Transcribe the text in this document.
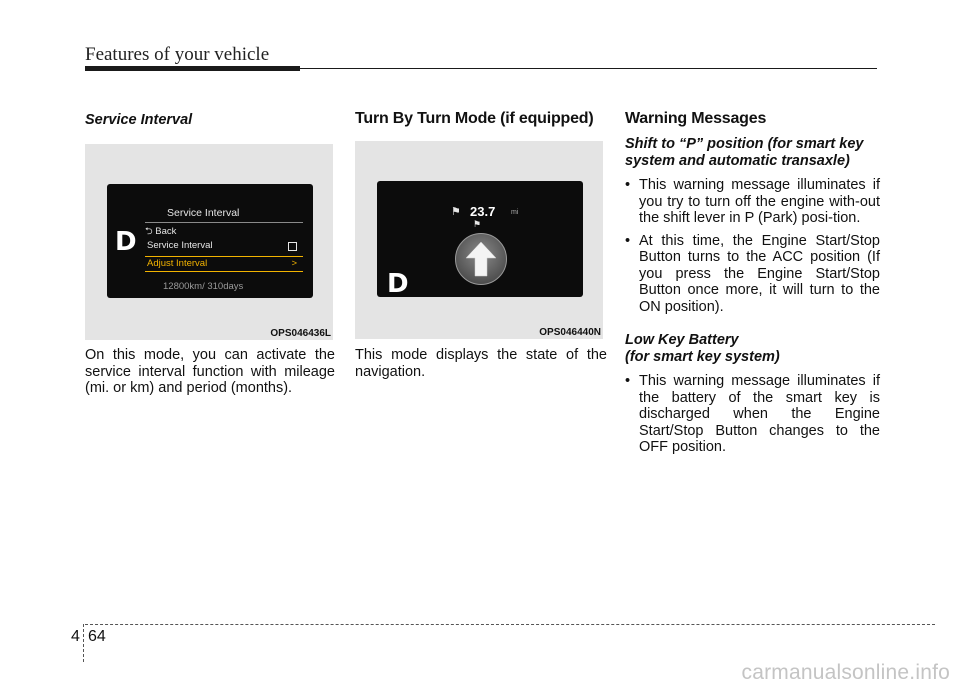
Features of your vehicle

Service Interval

D
Service Interval
⮌ Back
Service Interval
Adjust Interval	>
12800km/ 310days
OPS046436L

On this mode, you can activate the service interval function with mileage (mi. or km) and period (months).

Turn By Turn Mode (if equipped)

D
⚑ 23.7 mi
⚑
OPS046440N

This mode displays the state of the navigation.

Warning Messages

Shift to “P” position (for smart key system and automatic transaxle)

• This warning message illuminates if you try to turn off the engine with-out the shift lever in P (Park) posi-tion.
• At this time, the Engine Start/Stop Button turns to the ACC position (If you press the Engine Start/Stop Button once more, it will turn to the ON position).

Low Key Battery
(for smart key system)

• This warning message illuminates if the battery of the smart key is discharged when the Engine Start/Stop Button changes to the OFF position.
4 64
carmanualsonline.info
